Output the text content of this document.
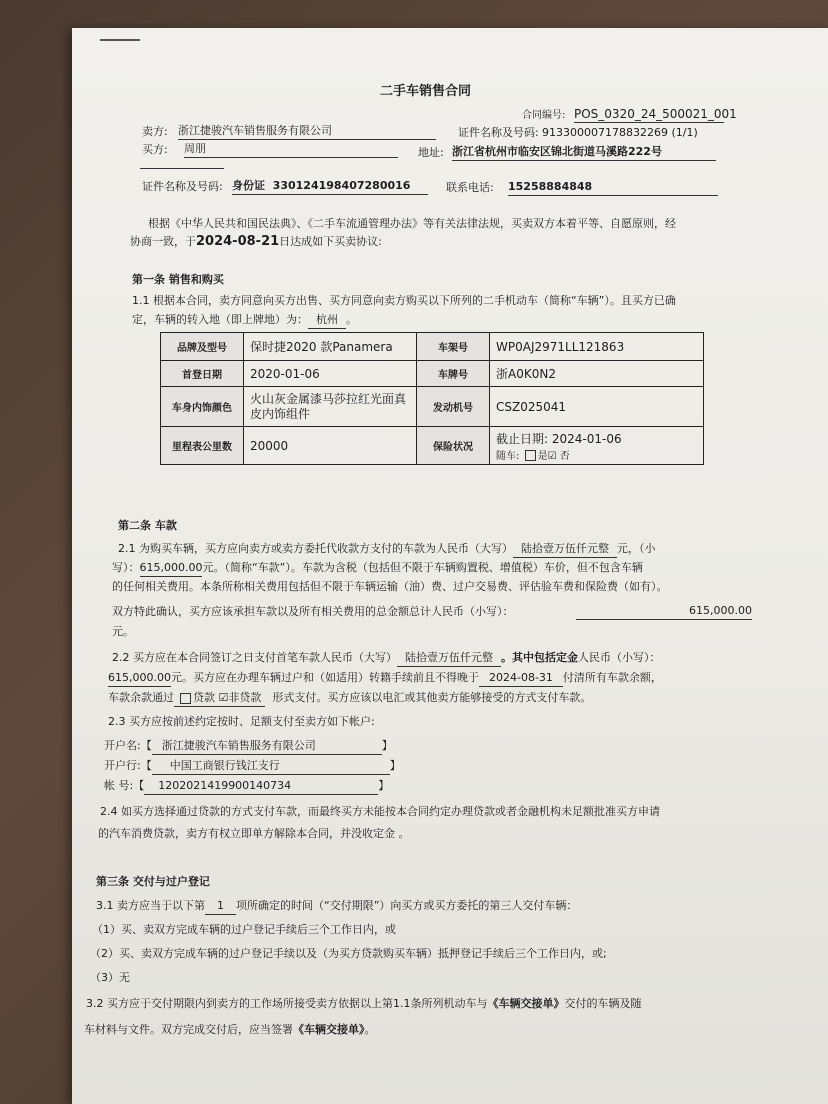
二手车销售合同
合同编号: POS_0320_24_500021_001
卖方: 浙江捷骏汽车销售服务有限公司	证件名称及号码: 91330000717883226​9 (1/1)
买方: 周朋	地址: 浙江省杭州市临安区锦北街道马溪路222号
证件名称及号码: 身份证 330124198407280016	联系电话: 15258884848
根据《中华人民共和国民法典》、《二手车流通管理办法》等有关法律法规，买卖双方本着平等、自愿原则，经
协商一致，于2024-08-21日达成如下买卖协议:
第一条 销售和购买
1.1 根据本合同，卖方同意向买方出售、买方同意向卖方购买以下所列的二手机动车（简称“车辆”）。且买方已确
定，车辆的转入地（即上牌地）为： 杭州 。
品牌及型号	保时捷2020 款Panamera	车架号	WP0AJ2971LL121863
首登日期	2020-01-06	车牌号	浙A0K0N2
车身内饰颜色	火山灰金属漆马莎拉红光面真皮内饰组件	发动机号	CSZ025041
里程表公里数	20000	保险状况	截止日期: 2024-01-06
随车: 是☑ 否
第二条 车款
2.1 为购买车辆，买方应向卖方或卖方委托代收款方支付的车款为人民币（大写） 陆拾壹万伍仟元整 元，（小
写）：615,000.00元。（简称“车款”）。车款为含税（包括但不限于车辆购置税、增值税）车价，但不包含车辆
的任何相关费用。本条所称相关费用包括但不限于车辆运输（油）费、过户交易费、评估验车费和保险费（如有）。
双方特此确认，买方应该承担车款以及所有相关费用的总金额总计人民币（小写）：	615,000.00
元。
2.2 买方应在本合同签订之日支付首笔车款人民币（大写） 陆拾壹万伍仟元整 。其中包括定金人民币（小写）：
615,000.00元。买方应在办理车辆过户和（如适用）转籍手续前且不得晚于 2024-08-31 付清所有车款余额，
车款余款通过 贷款 ☑非贷款 形式支付。买方应该以电汇或其他卖方能够接受的方式支付车款。
2.3 买方应按前述约定按时、足额支付至卖方如下帐户:
开户名:【 浙江捷骏汽车销售服务有限公司	】
开户行:【 中国工商银行钱江支行	】
帐 号:【 1202021419900140734	】
2.4 如买方选择通过贷款的方式支付车款，而最终买方未能按本合同约定办理贷款或者金融机构未足额批准买方申请
的汽车消费贷款，卖方有权立即单方解除本合同，并没收定金 。
第三条 交付与过户登记
3.1 卖方应当于以下第 1 项所确定的时间（“交付期限”）向买方或买方委托的第三人交付车辆：
（1）买、卖双方完成车辆的过户登记手续后三个工作日内，或
（2）买、卖双方完成车辆的过户登记手续以及（为买方贷款购买车辆）抵押登记手续后三个工作日内，或;
（3）无
3.2 买方应于交付期限内到卖方的工作场所接受卖方依据以上第1.1条所列机动车与《车辆交接单》交付的车辆及随
车材料与文件。双方完成交付后，应当签署《车辆交接单》。
